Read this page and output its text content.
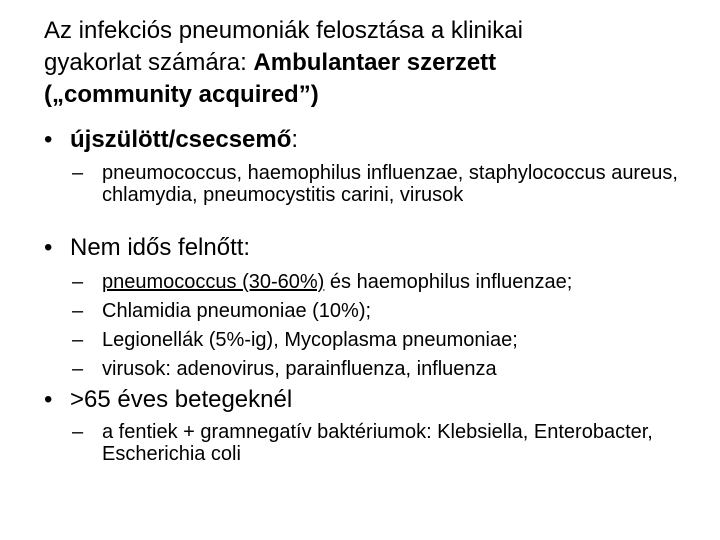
Az infekciós pneumoniák felosztása a klinikai
gyakorlat számára: Ambulantaer szerzett
(„community acquired”)
• újszülött/csecsemő:
– pneumococcus, haemophilus influenzae, staphylococcus aureus, chlamydia, pneumocystitis carini, virusok
• Nem idős felnőtt:
– pneumococcus (30-60%) és haemophilus influenzae;
– Chlamidia pneumoniae (10%);
– Legionellák (5%-ig), Mycoplasma pneumoniae;
– virusok: adenovirus, parainfluenza, influenza
• >65 éves betegeknél
– a fentiek + gramnegatív baktériumok: Klebsiella, Enterobacter, Escherichia coli
